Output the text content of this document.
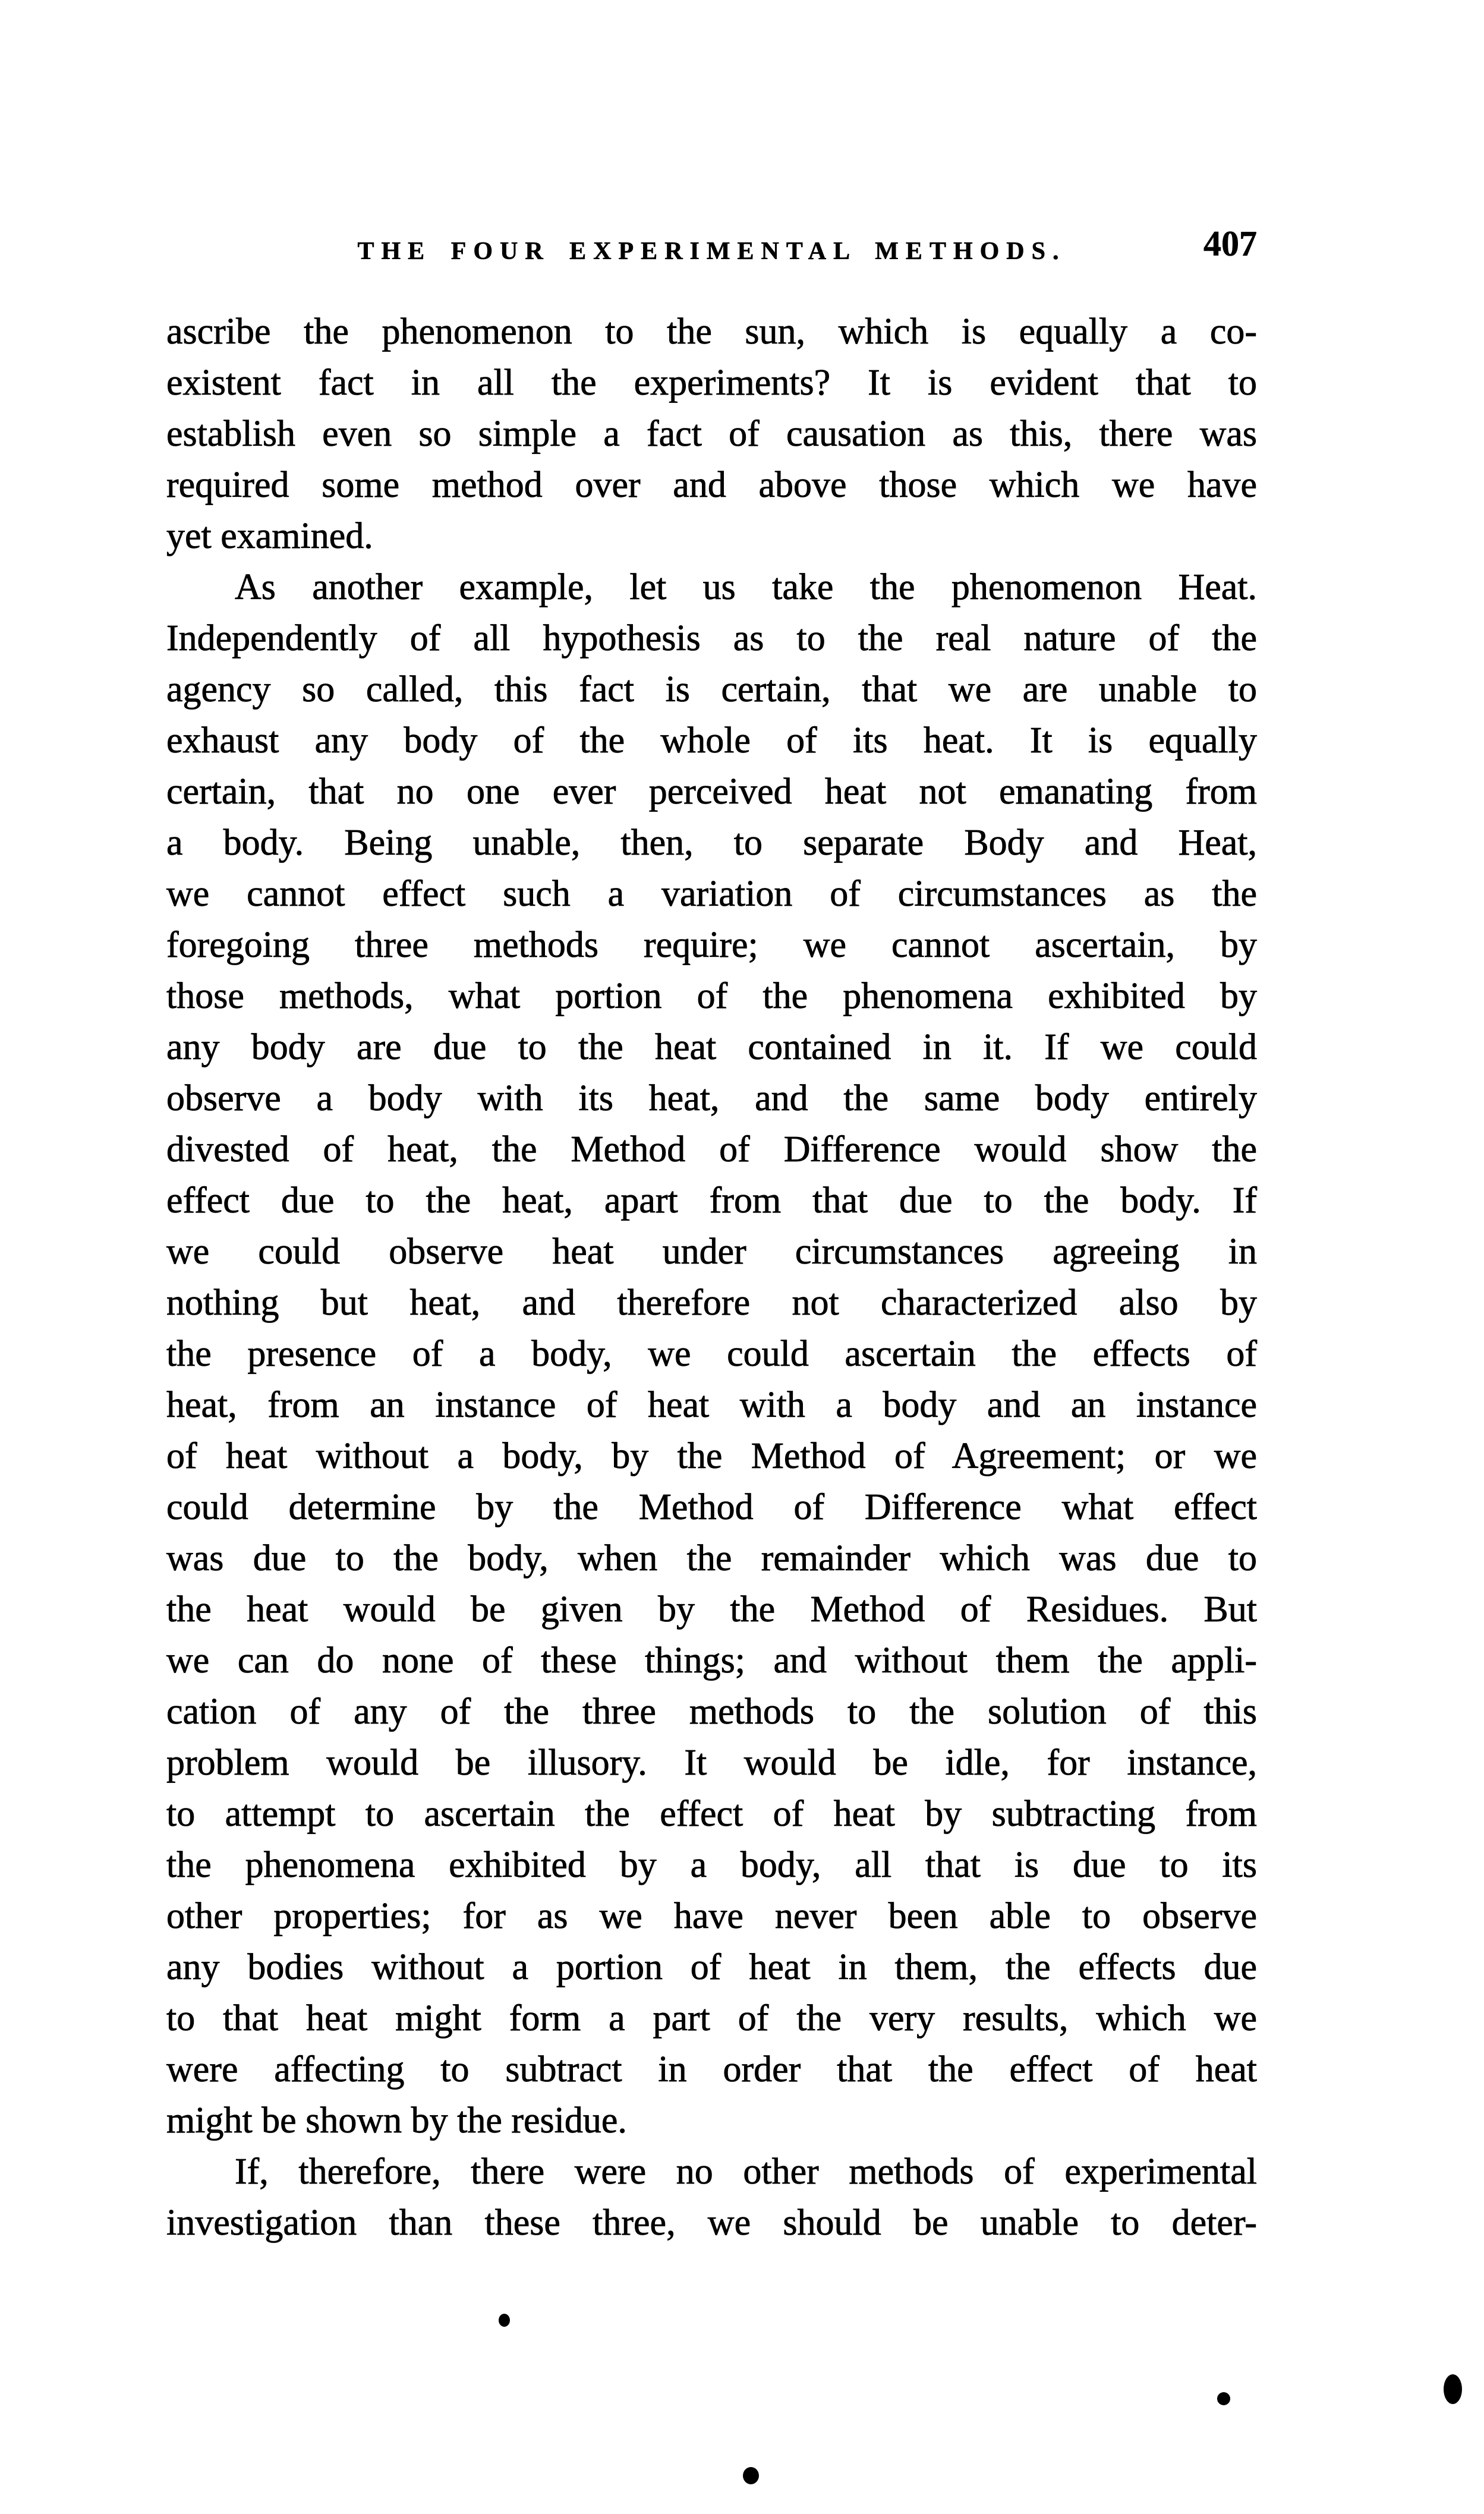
THE FOUR EXPERIMENTAL METHODS.	407
ascribe the phenomenon to the sun, which is equally a co-
existent fact in all the experiments? It is evident that to
establish even so simple a fact of causation as this, there was
required some method over and above those which we have
yet examined.
As another example, let us take the phenomenon Heat.
Independently of all hypothesis as to the real nature of the
agency so called, this fact is certain, that we are unable to
exhaust any body of the whole of its heat. It is equally
certain, that no one ever perceived heat not emanating from
a body. Being unable, then, to separate Body and Heat,
we cannot effect such a variation of circumstances as the
foregoing three methods require; we cannot ascertain, by
those methods, what portion of the phenomena exhibited by
any body are due to the heat contained in it. If we could
observe a body with its heat, and the same body entirely
divested of heat, the Method of Difference would show the
effect due to the heat, apart from that due to the body. If
we could observe heat under circumstances agreeing in
nothing but heat, and therefore not characterized also by
the presence of a body, we could ascertain the effects of
heat, from an instance of heat with a body and an instance
of heat without a body, by the Method of Agreement; or we
could determine by the Method of Difference what effect
was due to the body, when the remainder which was due to
the heat would be given by the Method of Residues. But
we can do none of these things; and without them the appli-
cation of any of the three methods to the solution of this
problem would be illusory. It would be idle, for instance,
to attempt to ascertain the effect of heat by subtracting from
the phenomena exhibited by a body, all that is due to its
other properties; for as we have never been able to observe
any bodies without a portion of heat in them, the effects due
to that heat might form a part of the very results, which we
were affecting to subtract in order that the effect of heat
might be shown by the residue.
If, therefore, there were no other methods of experimental
investigation than these three, we should be unable to deter-
